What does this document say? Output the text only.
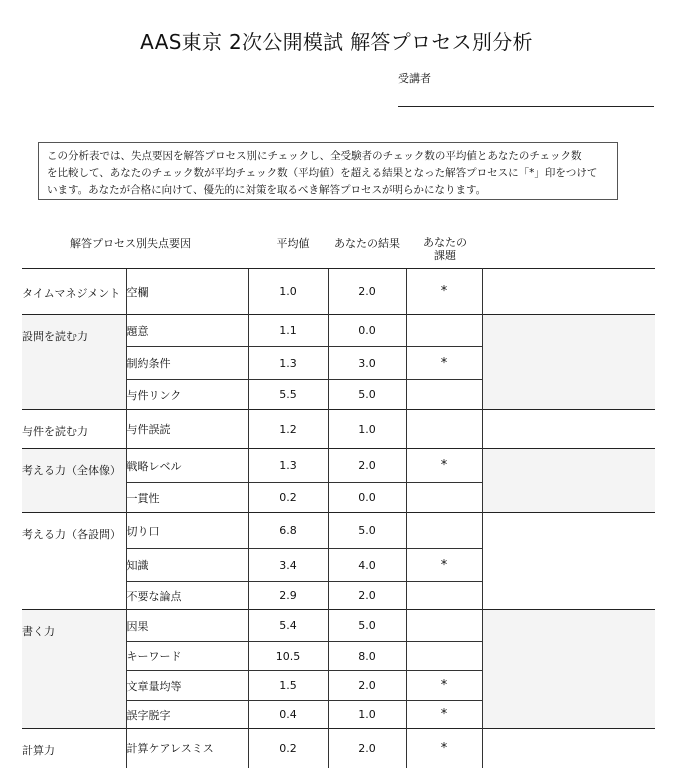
AAS東京 2次公開模試 解答プロセス別分析
受講者
この分析表では、失点要因を解答プロセス別にチェックし、全受験者のチェック数の平均値とあなたのチェック数
を比較して、あなたのチェック数が平均チェック数（平均値）を超える結果となった解答プロセスに「*」印をつけて
います。あなたが合格に向けて、優先的に対策を取るべき解答プロセスが明らかになります。
解答プロセス別失点要因	平均値	あなたの結果	あなたの
課題
タイムマネジメント	空欄	1.0	2.0	*	
設問を読む力	題意	1.1	0.0		
	制約条件	1.3	3.0	*	
	与件リンク	5.5	5.0		
与件を読む力	与件誤読	1.2	1.0		
考える力（全体像）	戦略レベル	1.3	2.0	*	
	一貫性	0.2	0.0		
考える力（各設問）	切り口	6.8	5.0		
	知識	3.4	4.0	*	
	不要な論点	2.9	2.0		
書く力	因果	5.4	5.0		
	キーワード	10.5	8.0		
	文章量均等	1.5	2.0	*	
	誤字脱字	0.4	1.0	*	
計算力	計算ケアレスミス	0.2	2.0	*	
